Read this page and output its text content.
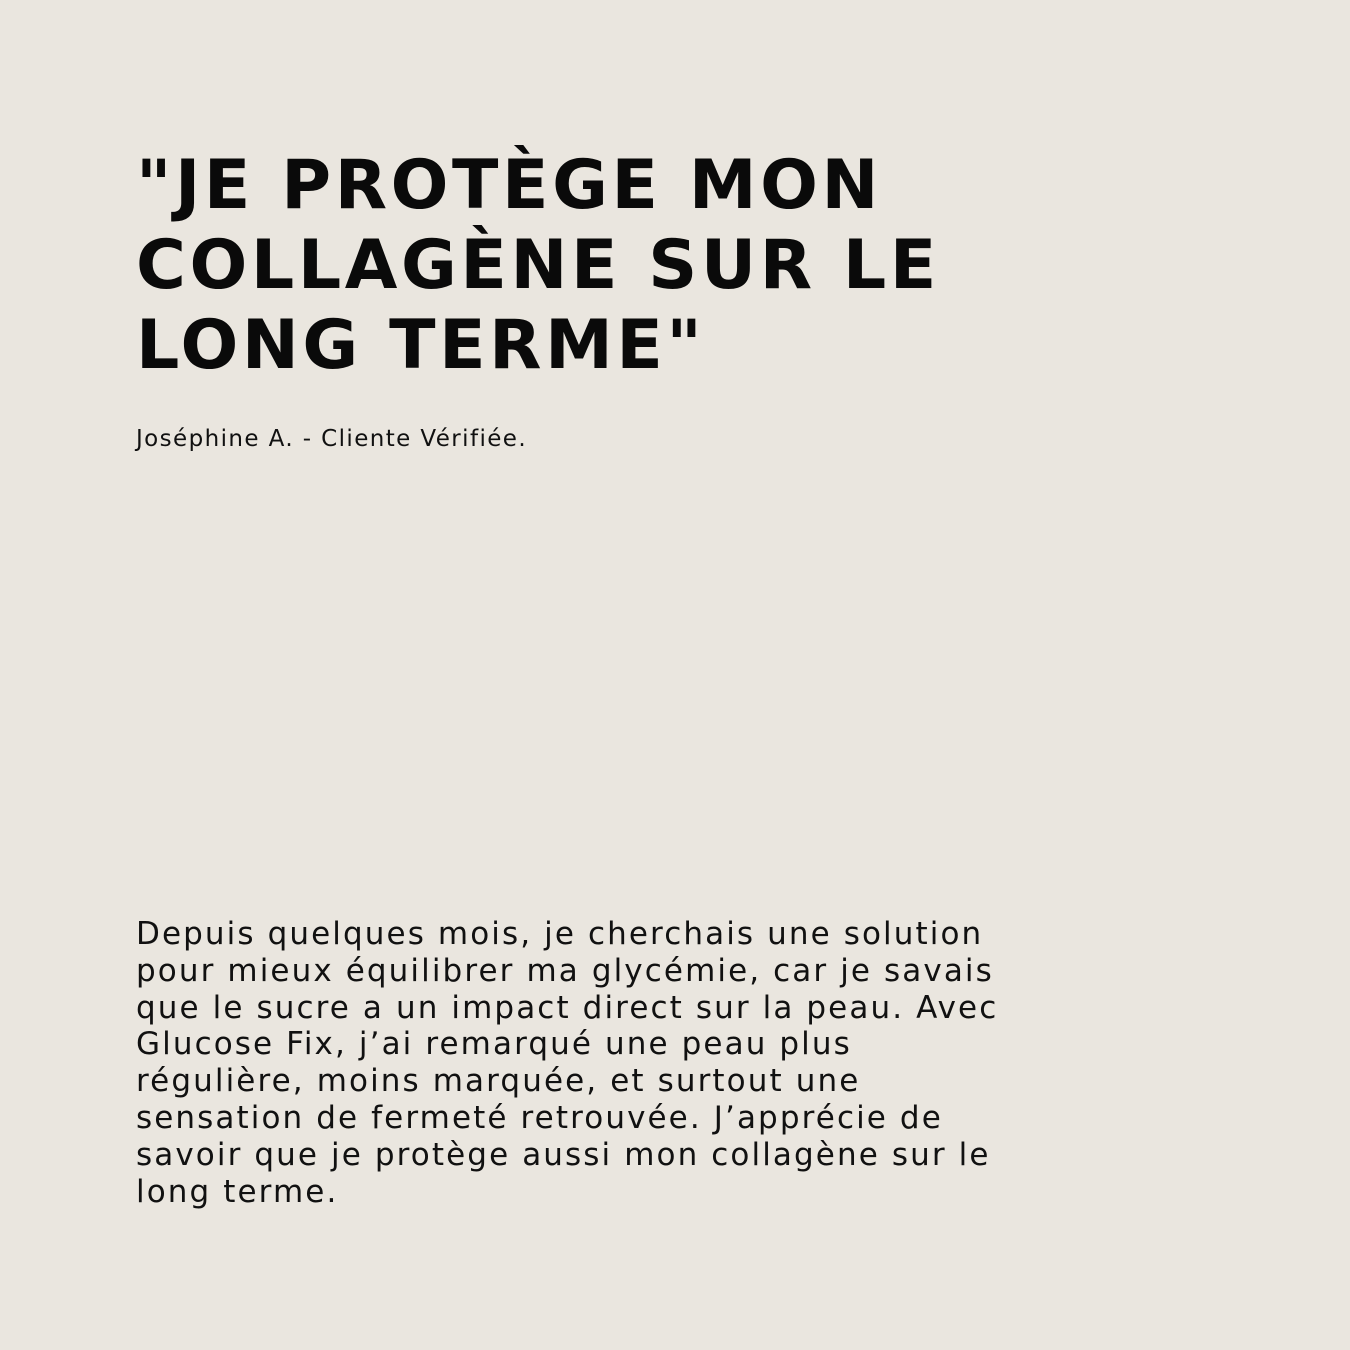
"JE PROTÈGE MON
COLLAGÈNE SUR LE
LONG TERME"

Joséphine A. - Cliente Vérifiée.

Depuis quelques mois, je cherchais une solution
pour mieux équilibrer ma glycémie, car je savais
que le sucre a un impact direct sur la peau. Avec
Glucose Fix, j’ai remarqué une peau plus
régulière, moins marquée, et surtout une
sensation de fermeté retrouvée. J’apprécie de
savoir que je protège aussi mon collagène sur le
long terme.
